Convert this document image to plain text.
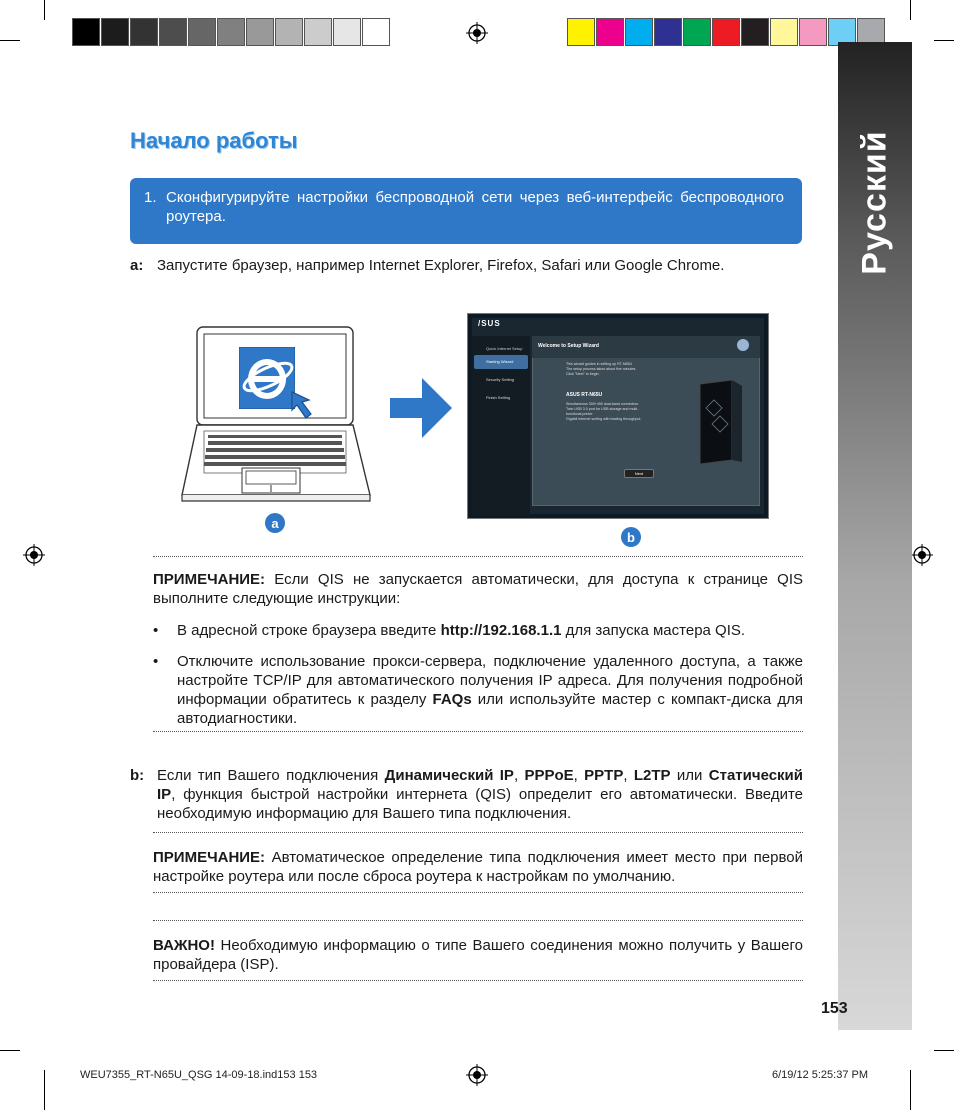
Русский
Начало работы
1. Сконфигурируйте настройки беспроводной сети через веб-интерфейс беспроводного роутера.
a: Запустите браузер, например Internet Explorer, Firefox, Safari или Google Chrome.
/SUS
Quick Internet Setup
Starting Wizard
Security Setting
Finish Setting
Welcome to Setup Wizard
This wizard guides in setting up RT-N65U
The setup process takes about five minutes.
Click "Next" to begin.
ASUS RT-N65U
Simultaneous 300+450 dual-band connection.
Twin USB 3.0 port for USB storage and multi-
functional printer.
Gigabit internet surfing with leading throughput.
Next
a
b
ПРИМЕЧАНИЕ: Если QIS не запускается автоматически, для доступа к странице QIS выполните следующие инструкции:
•	В адресной строке браузера введите http://192.168.1.1 для запуска мастера QIS.
•	Отключите использование прокси-сервера, подключение удаленного доступа, а также настройте TCP/IP для автоматического получения IP адреса. Для получения подробной информации обратитесь к разделу FAQs или используйте мастер с компакт-диска для автодиагностики.
b: Если тип Вашего подключения Динамический IP, PPPoE, PPTP, L2TP или Статический IP, функция быстрой настройки интернета (QIS) определит его автоматически. Введите необходимую информацию для Вашего типа подключения.
ПРИМЕЧАНИЕ: Автоматическое определение типа подключения имеет место при первой настройке роутера или после сброса роутера к настройкам по умолчанию.
ВАЖНО! Необходимую информацию о типе Вашего соединения можно получить у Вашего провайдера (ISP).
153
WEU7355_RT-N65U_QSG 14-09-18.ind153 153	6/19/12 5:25:37 PM
